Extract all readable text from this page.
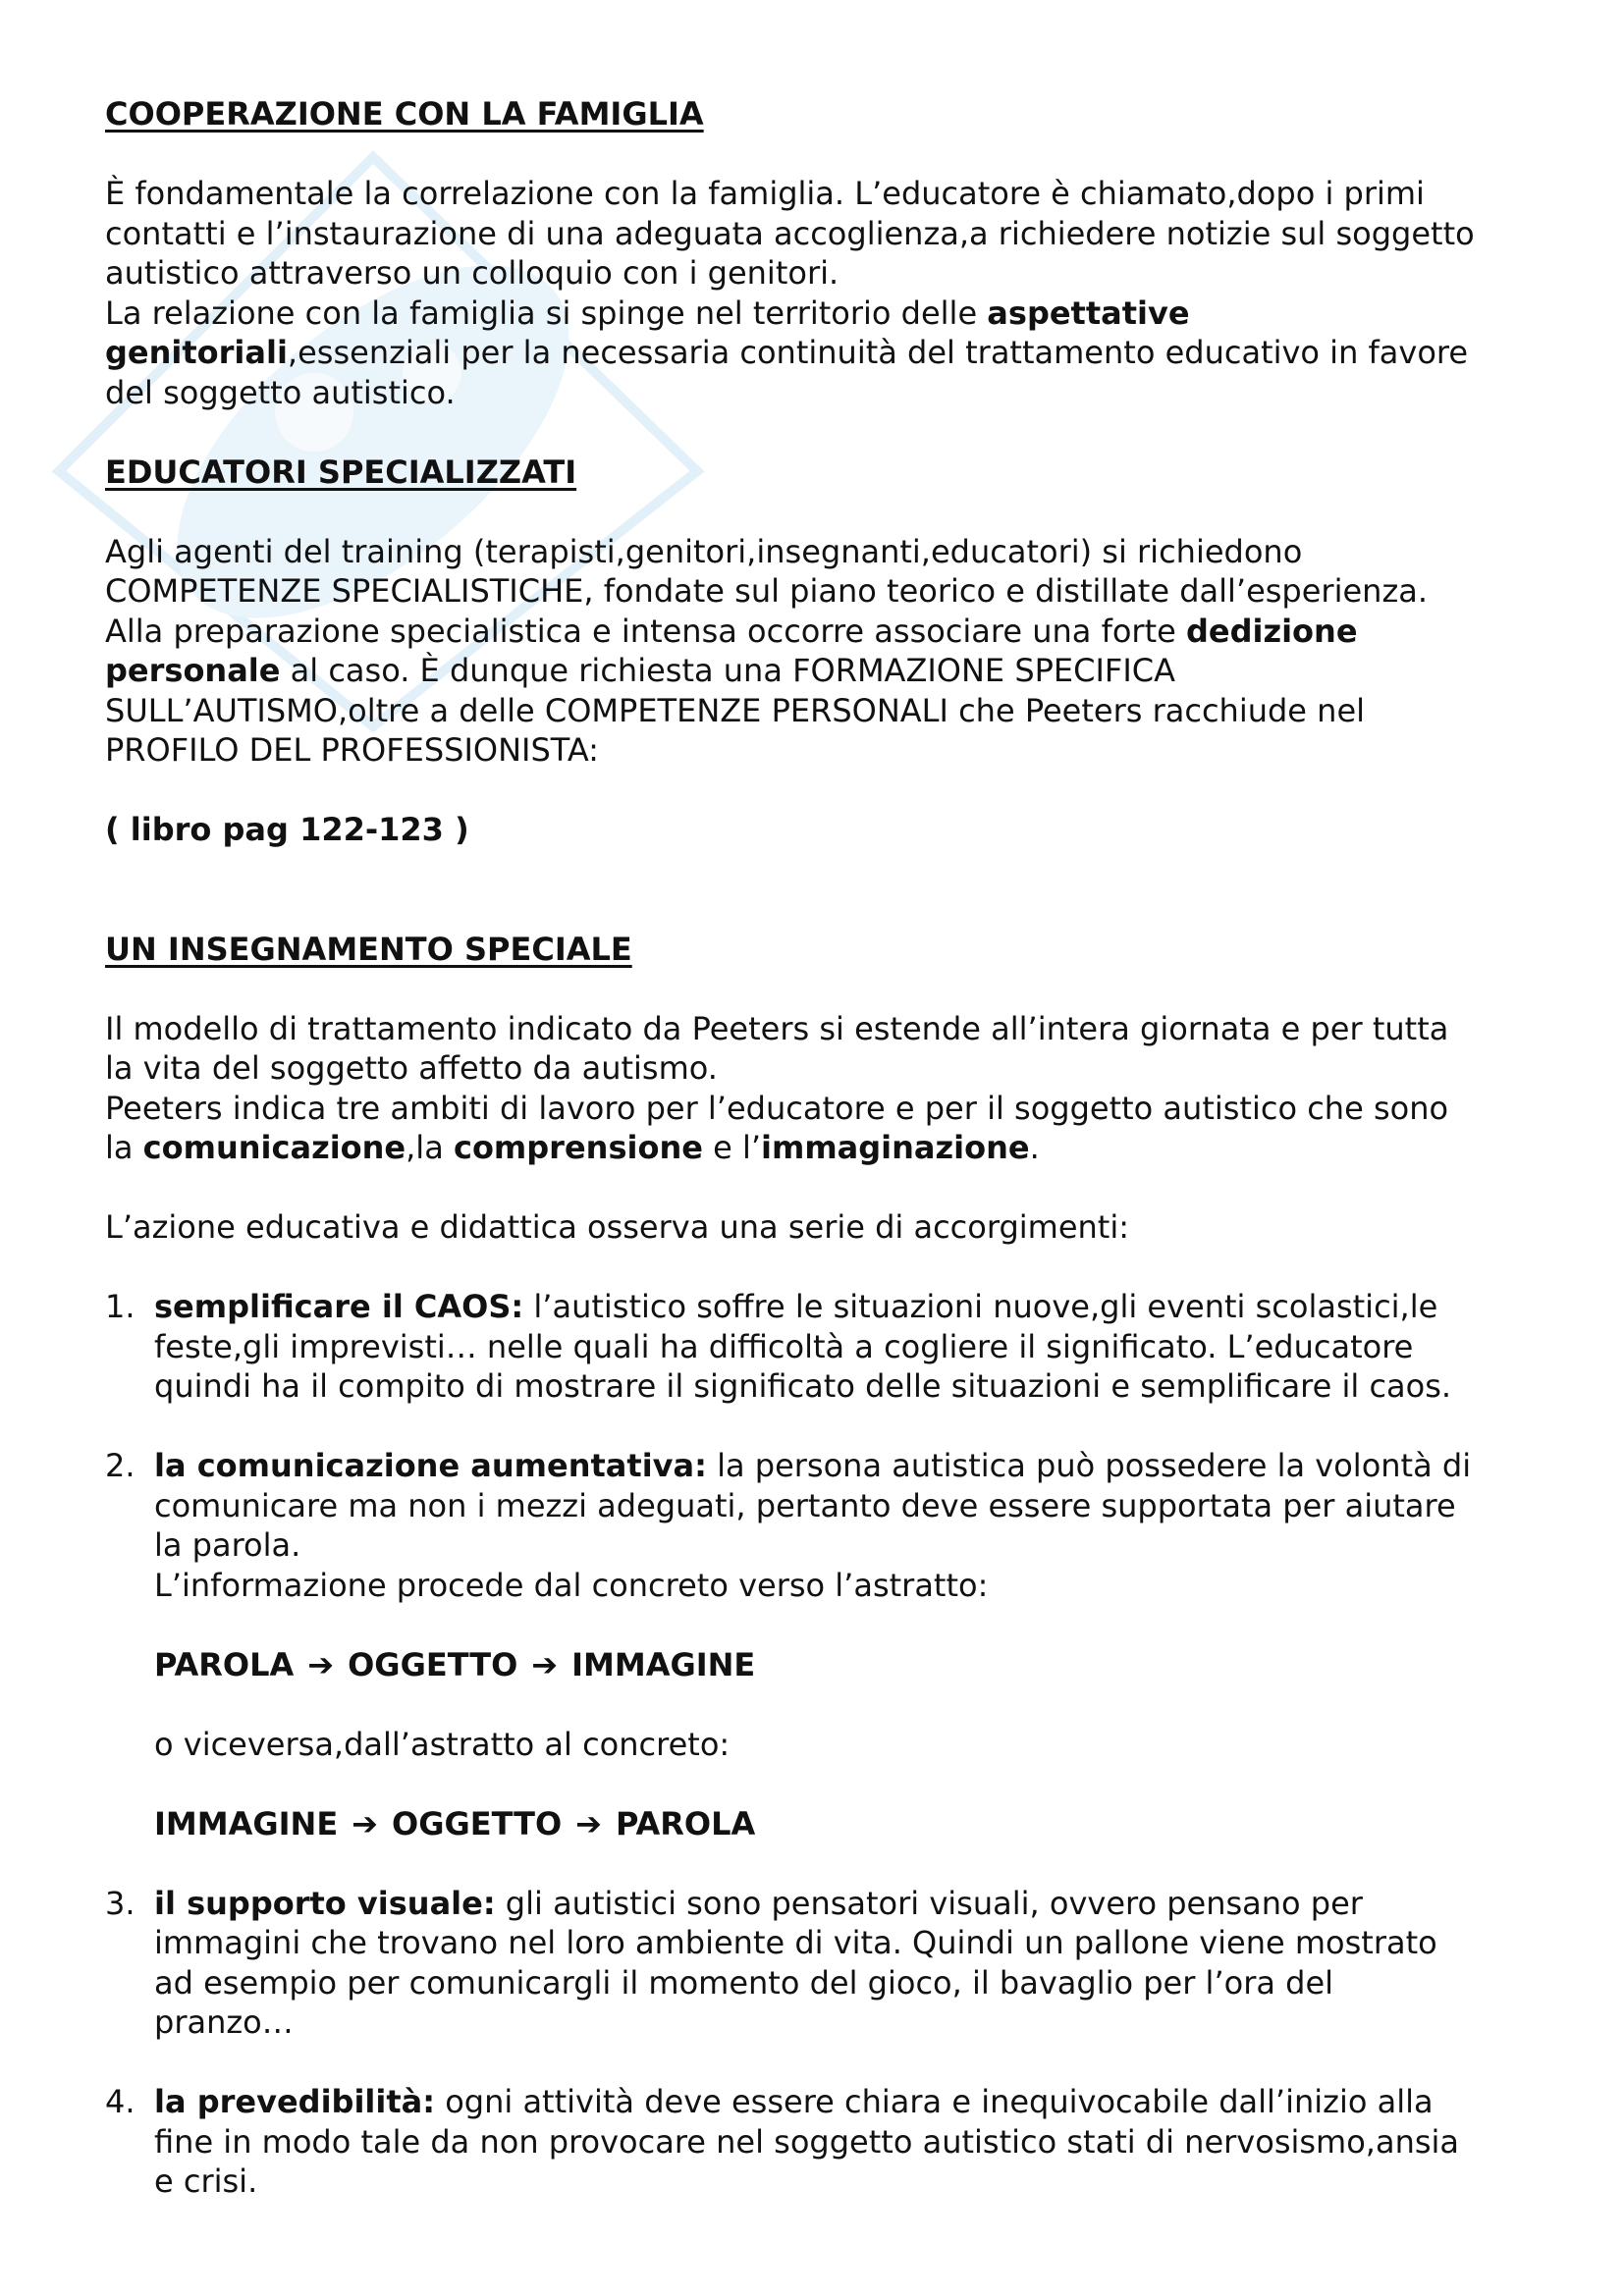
COOPERAZIONE CON LA FAMIGLIA

È fondamentale la correlazione con la famiglia. L’educatore è chiamato,dopo i primi contatti e l’instaurazione di una adeguata accoglienza,a richiedere notizie sul soggetto autistico attraverso un colloquio con i genitori.

La relazione con la famiglia si spinge nel territorio delle aspettative genitoriali,essenziali per la necessaria continuità del trattamento educativo in favore del soggetto autistico.

EDUCATORI SPECIALIZZATI

Agli agenti del training (terapisti,genitori,insegnanti,educatori) si richiedono COMPETENZE SPECIALISTICHE, fondate sul piano teorico e distillate dall’esperienza.

Alla preparazione specialistica e intensa occorre associare una forte dedizione personale al caso. È dunque richiesta una FORMAZIONE SPECIFICA SULL’AUTISMO,oltre a delle COMPETENZE PERSONALI che Peeters racchiude nel PROFILO DEL PROFESSIONISTA:

( libro pag 122-123 )

UN INSEGNAMENTO SPECIALE

Il modello di trattamento indicato da Peeters si estende all’intera giornata e per tutta la vita del soggetto affetto da autismo.

Peeters indica tre ambiti di lavoro per l’educatore e per il soggetto autistico che sono la comunicazione,la comprensione e l’immaginazione.

L’azione educativa e didattica osserva una serie di accorgimenti:

1. semplificare il CAOS: l’autistico soffre le situazioni nuove,gli eventi scolastici,le feste,gli imprevisti… nelle quali ha difficoltà a cogliere il significato. L’educatore quindi ha il compito di mostrare il significato delle situazioni e semplificare il caos.
2. la comunicazione aumentativa: la persona autistica può possedere la volontà di comunicare ma non i mezzi adeguati, pertanto deve essere supportata per aiutare la parola.

L’informazione procede dal concreto verso l’astratto:

PAROLA ➔ OGGETTO ➔ IMMAGINE

o viceversa,dall’astratto al concreto:

IMMAGINE ➔ OGGETTO ➔ PAROLA

3. il supporto visuale: gli autistici sono pensatori visuali, ovvero pensano per immagini che trovano nel loro ambiente di vita. Quindi un pallone viene mostrato ad esempio per comunicargli il momento del gioco, il bavaglio per l’ora del pranzo…
4. la prevedibilità: ogni attività deve essere chiara e inequivocabile dall’inizio alla fine in modo tale da non provocare nel soggetto autistico stati di nervosismo,ansia e crisi.
